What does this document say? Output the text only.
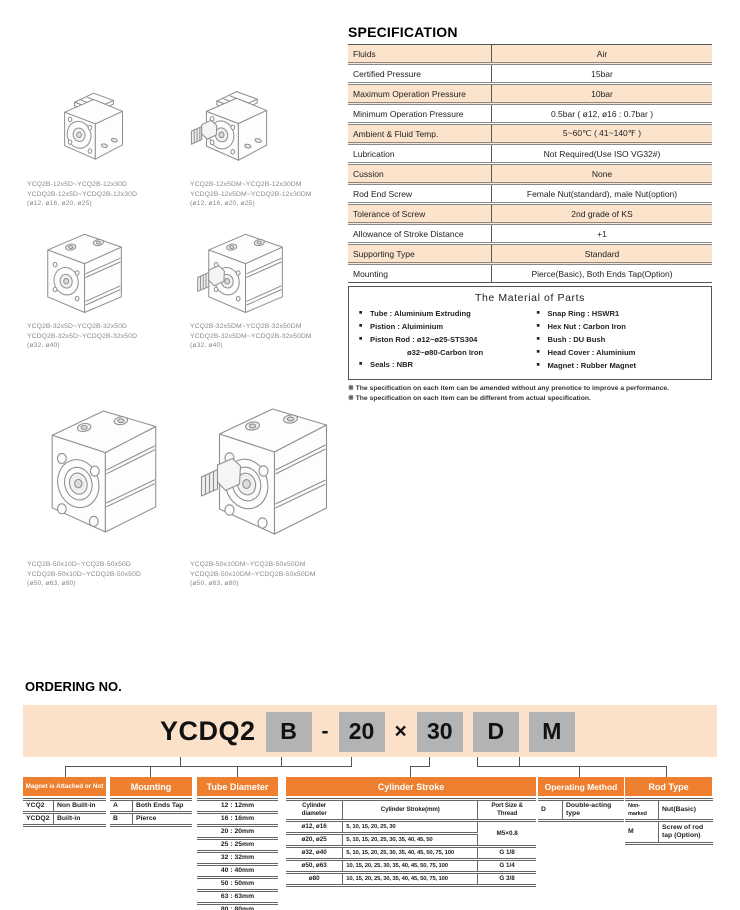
YCQ2B-12x5D~YCQ2B-12x30D
YCDQ2B-12x5D~YCDQ2B-12x30D
(ø12, ø16, ø20, ø25)
YCQ2B-12x5DM~YCQ2B-12x30DM
YCDQ2B-12x5DM~YCDQ2B-12x30DM
(ø12, ø16, ø20, ø25)
YCQ2B-32x5D~YCQ2B-32x50D
YCDQ2B-32x5D~YCDQ2B-32x50D
(ø32, ø40)
YCQ2B-32x5DM~YCQ2B-32x50DM
YCDQ2B-32x5DM~YCDQ2B-32x50DM
(ø32, ø40)
YCQ2B-50x10D~YCQ2B-50x50D
YCDQ2B-50x10D~YCDQ2B-50x50D
(ø50, ø63, ø80)
YCQ2B-50x10DM~YCQ2B-50x50DM
YCDQ2B-50x10DM~YCDQ2B-50x50DM
(ø50, ø63, ø80)
SPECIFICATION
Fluids	Air
Certified Pressure	15bar
Maximum Operation Pressure	10bar
Minimum Operation Pressure	0.5bar ( ø12, ø16 : 0.7bar )
Ambient & Fluid Temp.	5~60℃ ( 41~140℉ )
Lubrication	Not Required(Use ISO VG32#)
Cussion	None
Rod End Screw	Female Nut(standard), male Nut(option)
Tolerance of Screw	2nd grade of KS
Allowance of Stroke Distance	+1
Supporting Type	Standard
Mounting	Pierce(Basic), Both Ends Tap(Option)
The Material of Parts
■	Tube : Aluminium Extruding
■	Pistion : Aluiminium
■	Piston Rod : ø12~ø25-STS304
ø32~ø80-Carbon Iron
■	Seals : NBR
■	Snap Ring : HSWR1
■	Hex Nut : Carbon Iron
■	Bush : DU Bush
■	Head Cover : Aluminium
■	Magnet : Rubber Magnet
※ The specification on each item can be amended without any prenotice to improve a performance.
※ The specification on each item can be different from actual specification.
ORDERING NO.
YCDQ2	B	- 20 × 30	D	M
Magnet is Attached or Not	Mounting	Tube Diameter	Cylinder Stroke	Operating Method	Rod Type
YCQ2	Non Built-in
YCDQ2	Built-in
A	Both Ends Tap
B	Pierce
12 : 12mm
16 : 16mm
20 : 20mm
25 : 25mm
32 : 32mm
40 : 40mm
50 : 50mm
63 : 63mm
80 : 80mm
Cylinder diameter	Cylinder Stroke(mm)	Port Size & Thread
ø12, ø16	5, 10, 15, 20, 25, 30	M5×0.8
ø20, ø25	5, 10, 15, 20, 25, 30, 35, 40, 45, 50	
ø32, ø40	5, 10, 15, 20, 25, 30, 35, 40, 45, 50, 75, 100	G 1/8
ø50, ø63	10, 15, 20, 25, 30, 35, 40, 45, 50, 75, 100	G 1/4
ø80	10, 15, 20, 25, 30, 35, 40, 45, 50, 75, 100	G 3/8
D	Double-acting type
Non-marked	Nut(Basic)
M	Screw of rod tap (Option)
